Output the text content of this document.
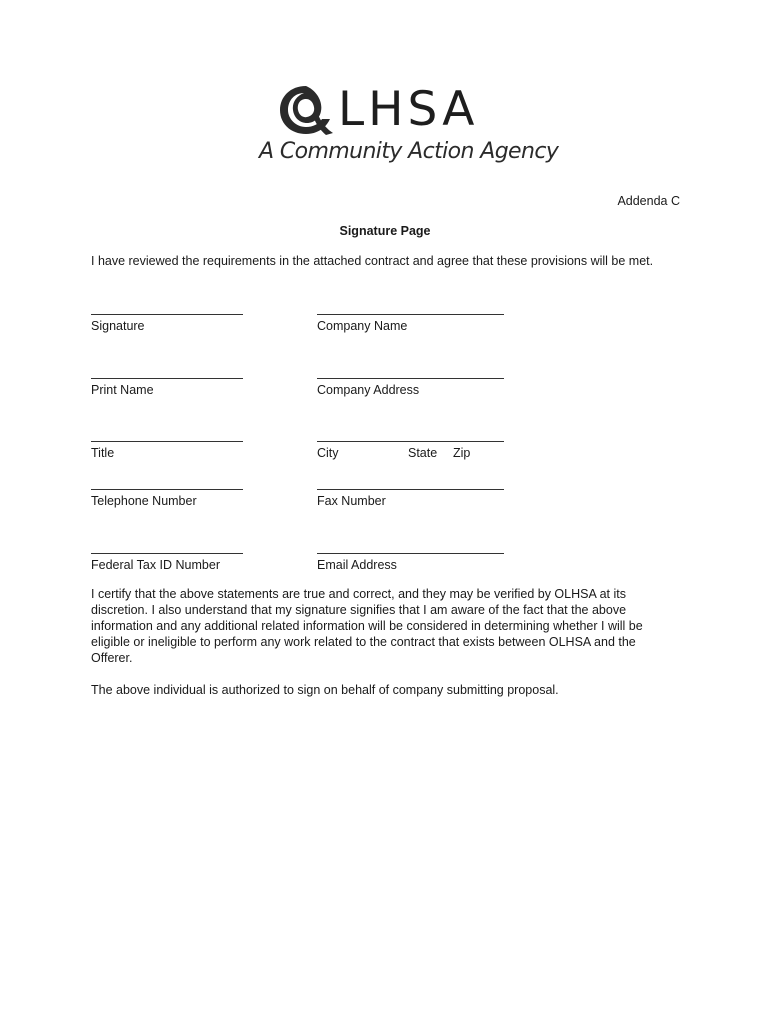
LHSA
A Community Action Agency
Addenda C
Signature Page
I have reviewed the requirements in the attached contract and agree that these provisions will be met.
Signature
Print Name
Title
Telephone Number
Federal Tax ID Number
Company Name
Company Address
City	State Zip
Fax Number
Email Address
I certify that the above statements are true and correct, and they may be verified by OLHSA at its
discretion. I also understand that my signature signifies that I am aware of the fact that the above
information and any additional related information will be considered in determining whether I will be
eligible or ineligible to perform any work related to the contract that exists between OLHSA and the
Offerer.
The above individual is authorized to sign on behalf of company submitting proposal.
